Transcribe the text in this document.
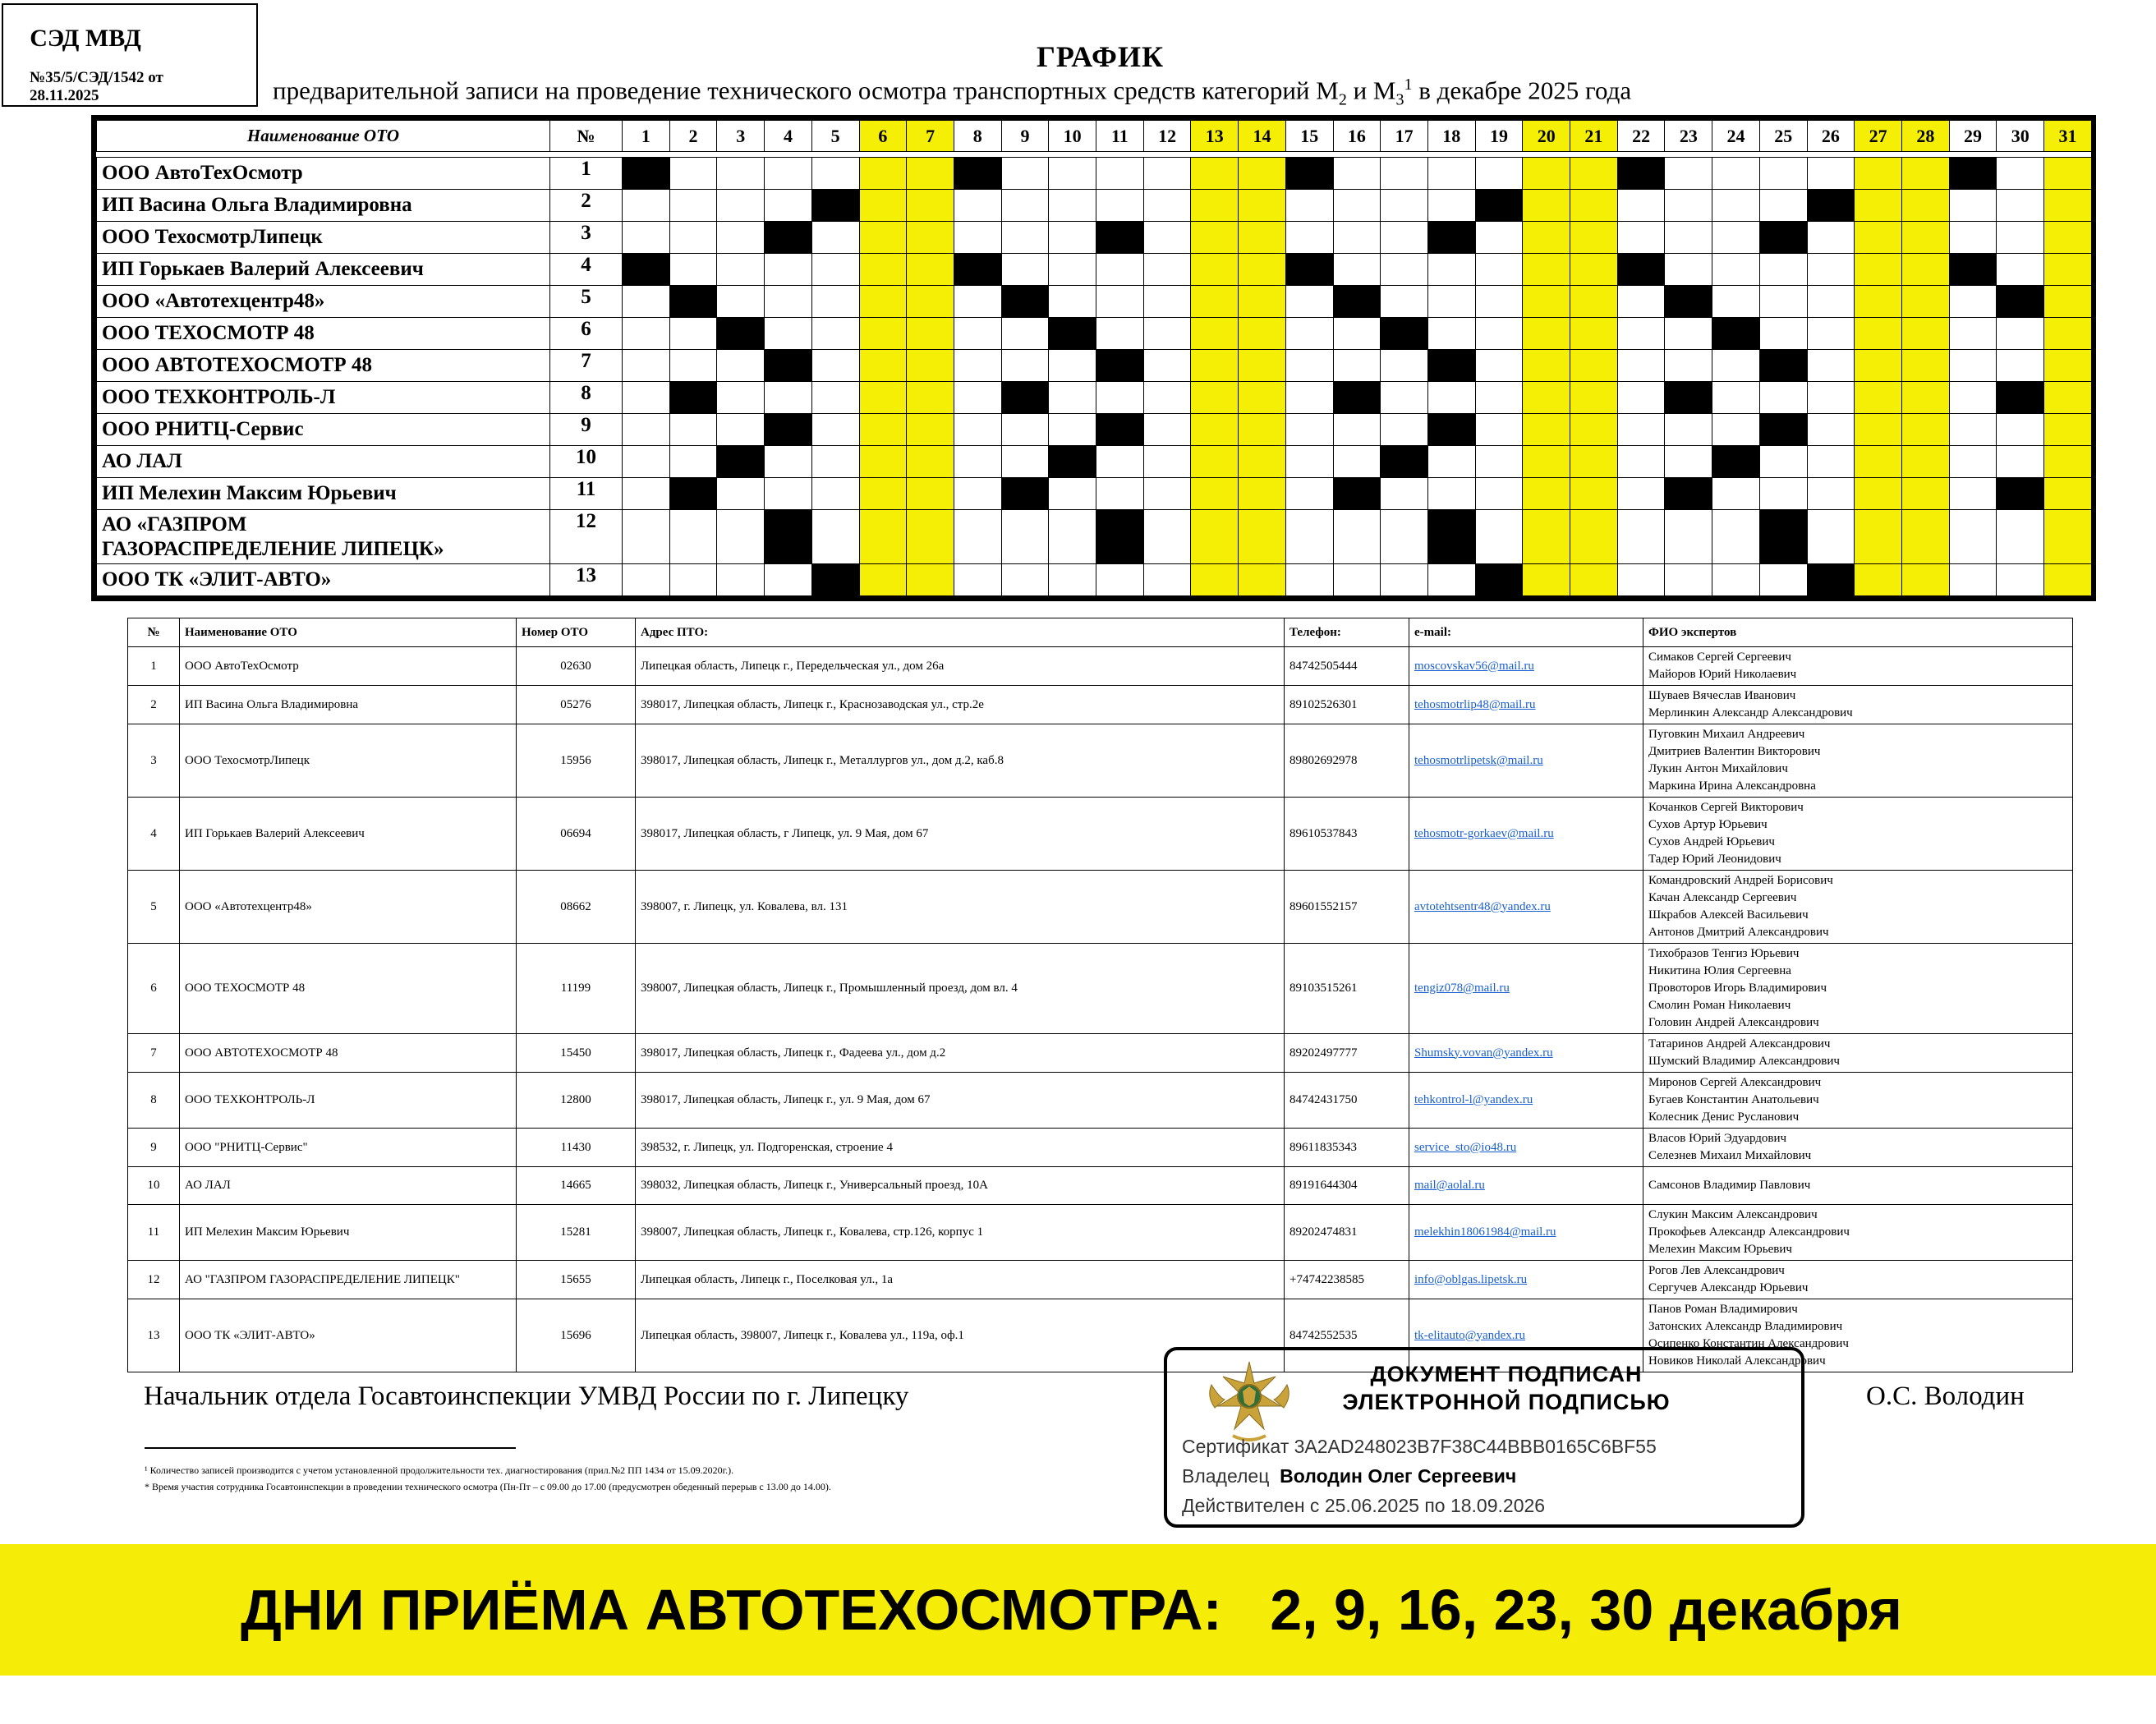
СЭД МВД
№35/5/СЭД/1542 от
28.11.2025
ГРАФИК
предварительной записи на проведение технического осмотра транспортных средств категорий $М_2$ и $М_3^1$ в декабре 2025 года
Наименование ОТО	№	1	2	3	4	5	6	7	8	9	10	11	12	13	14	15	16	17	18	19	20	21	22	23	24	25	26	27	28	29	30	31

ООО АвтоТехОсмотр	1																															
ИП Васина Ольга Владимировна	2																															
ООО ТехосмотрЛипецк	3																															
ИП Горькаев Валерий Алексеевич	4																															
ООО «Автотехцентр48»	5																															
ООО ТЕХОСМОТР 48	6																															
ООО АВТОТЕХОСМОТР 48	7																															
ООО ТЕХКОНТРОЛЬ-Л	8																															
ООО РНИТЦ-Сервис	9																															
АО ЛАЛ	10																															
ИП Мелехин Максим Юрьевич	11																															

АО «ГАЗПРОМ
ГАЗОРАСПРЕДЕЛЕНИЕ ЛИПЕЦК»	12																															
ООО ТК «ЭЛИТ-АВТО»	13																															
№	Наименование ОТО	Номер ОТО	Адрес ПТО:	Телефон:	e-mail:	ФИО экспертов
1	ООО АвтоТехОсмотр	02630	Липецкая область, Липецк г., Передельческая ул., дом 26а	84742505444	moscovskav56@mail.ru	Симаков Сергей Сергеевич
Майоров Юрий Николаевич

2	ИП Васина Ольга Владимировна	05276	398017, Липецкая область, Липецк г., Краснозаводская ул., стр.2е	89102526301	tehosmotrlip48@mail.ru	Шуваев Вячеслав Иванович
Мерлинкин Александр Александрович

3	ООО ТехосмотрЛипецк	15956	398017, Липецкая область, Липецк г., Металлургов ул., дом д.2, каб.8	89802692978	tehosmotrlipetsk@mail.ru	Пуговкин Михаил Андреевич
Дмитриев Валентин Викторович
Лукин Антон Михайлович
Маркина Ирина Александровна

4	ИП Горькаев Валерий Алексеевич	06694	398017, Липецкая область, г Липецк, ул. 9 Мая, дом 67	89610537843	tehosmotr-gorkaev@mail.ru	Кочанков Сергей Викторович
Сухов Артур Юрьевич
Сухов Андрей Юрьевич
Тадер Юрий Леонидович

5	ООО «Автотехцентр48»	08662	398007, г. Липецк, ул. Ковалева, вл. 131	89601552157	avtotehtsentr48@yandex.ru	Командровский Андрей Борисович
Качан Александр Сергеевич
Шкрабов Алексей Васильевич
Антонов Дмитрий Александрович

6	ООО ТЕХОСМОТР 48	11199	398007, Липецкая область, Липецк г., Промышленный проезд, дом вл. 4	89103515261	tengiz078@mail.ru	Тихобразов Тенгиз Юрьевич
Никитина Юлия Сергеевна
Провоторов Игорь Владимирович
Смолин Роман Николаевич
Головин Андрей Александрович

7	ООО АВТОТЕХОСМОТР 48	15450	398017, Липецкая область, Липецк г., Фадеева ул., дом д.2	89202497777	Shumsky.vovan@yandex.ru	Татаринов Андрей Александрович
Шумский Владимир Александрович

8	ООО ТЕХКОНТРОЛЬ-Л	12800	398017, Липецкая область, Липецк г., ул. 9 Мая, дом 67	84742431750	tehkontrol-l@yandex.ru	Миронов Сергей Александрович
Бугаев Константин Анатольевич
Колесник Денис Русланович

9	ООО "РНИТЦ-Сервис"	11430	398532, г. Липецк, ул. Подгоренская, строение 4	89611835343	service_sto@io48.ru	Власов Юрий Эдуардович
Селезнев Михаил Михайлович

10	АО ЛАЛ	14665	398032, Липецкая область, Липецк г., Универсальный проезд, 10А	89191644304	mail@aolal.ru	Самсонов Владимир Павлович

11	ИП Мелехин Максим Юрьевич	15281	398007, Липецкая область, Липецк г., Ковалева, стр.126, корпус 1	89202474831	melekhin18061984@mail.ru	Слукин Максим Александрович
Прокофьев Александр Александрович
Мелехин Максим Юрьевич

12	АО "ГАЗПРОМ ГАЗОРАСПРЕДЕЛЕНИЕ ЛИПЕЦК"	15655	Липецкая область, Липецк г., Поселковая ул., 1а	+74742238585	info@oblgas.lipetsk.ru	Рогов Лев Александрович
Сергучев Александр Юрьевич

13	ООО ТК «ЭЛИТ-АВТО»	15696	Липецкая область, 398007, Липецк г., Ковалева ул., 119а, оф.1	84742552535	tk-elitauto@yandex.ru	Панов Роман Владимирович
Затонских Александр Владимирович
Осипенко Константин Александрович
Новиков Николай Александрович
Начальник отдела Госавтоинспекции УМВД России по г. Липецку	О.С. Володин
¹ Количество записей производится с учетом установленной продолжительности тех. диагностирования (прил.№2 ПП 1434 от 15.09.2020г.).
* Время участия сотрудника Госавтоинспекции в проведении технического осмотра (Пн-Пт – с 09.00 до 17.00 (предусмотрен обеденный перерыв с 13.00 до 14.00).
ДОКУМЕНТ ПОДПИСАН
ЭЛЕКТРОННОЙ ПОДПИСЬЮ
Сертификат 3A2AD248023B7F38C44BBB0165C6BF55
Владелец Володин Олег Сергеевич
Действителен с 25.06.2025 по 18.09.2026
ДНИ ПРИЁМА АВТОТЕХОСМОТРА: 2, 9, 16, 23, 30 декабря
